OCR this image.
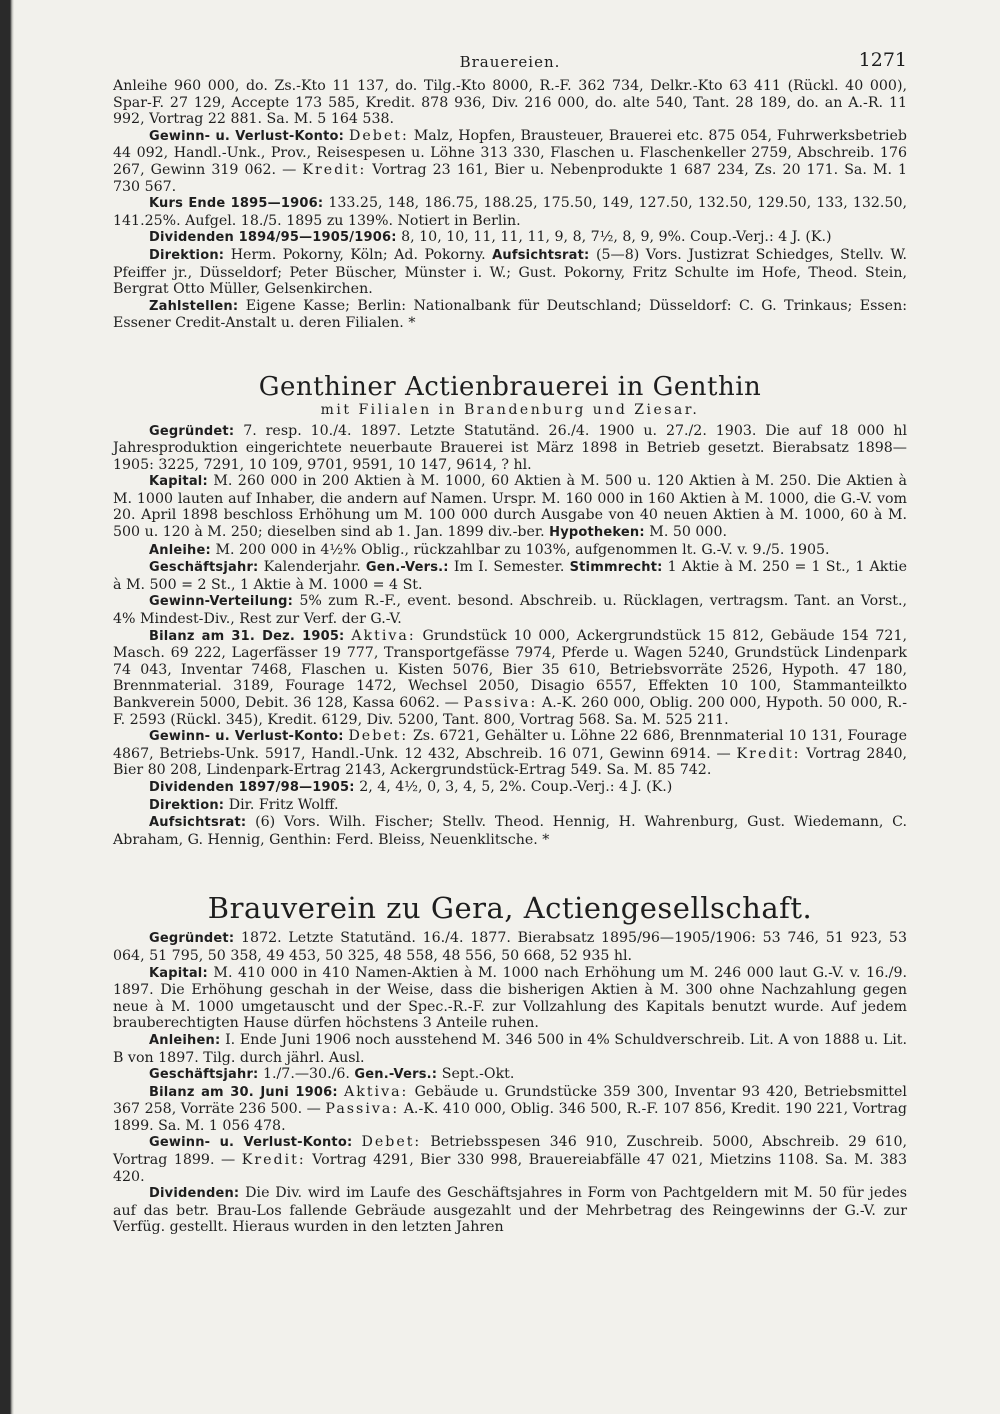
Brauereien.	1271

Anleihe 960 000, do. Zs.-Kto 11 137, do. Tilg.-Kto 8000, R.-F. 362 734, Delkr.-Kto 63 411 (Rückl. 40 000), Spar-F. 27 129, Accepte 173 585, Kredit. 878 936, Div. 216 000, do. alte 540, Tant. 28 189, do. an A.-R. 11 992, Vortrag 22 881. Sa. M. 5 164 538.

Gewinn- u. Verlust-Konto: Debet: Malz, Hopfen, Brausteuer, Brauerei etc. 875 054, Fuhrwerksbetrieb 44 092, Handl.-Unk., Prov., Reisespesen u. Löhne 313 330, Flaschen u. Flaschenkeller 2759, Abschreib. 176 267, Gewinn 319 062. — Kredit: Vortrag 23 161, Bier u. Nebenprodukte 1 687 234, Zs. 20 171. Sa. M. 1 730 567.

Kurs Ende 1895—1906: 133.25, 148, 186.75, 188.25, 175.50, 149, 127.50, 132.50, 129.50, 133, 132.50, 141.25%. Aufgel. 18./5. 1895 zu 139%. Notiert in Berlin.

Dividenden 1894/95—1905/1906: 8, 10, 10, 11, 11, 11, 9, 8, 7½, 8, 9, 9%. Coup.-Verj.: 4 J. (K.)

Direktion: Herm. Pokorny, Köln; Ad. Pokorny. Aufsichtsrat: (5—8) Vors. Justizrat Schiedges, Stellv. W. Pfeiffer jr., Düsseldorf; Peter Büscher, Münster i. W.; Gust. Pokorny, Fritz Schulte im Hofe, Theod. Stein, Bergrat Otto Müller, Gelsenkirchen.

Zahlstellen: Eigene Kasse; Berlin: Nationalbank für Deutschland; Düsseldorf: C. G. Trinkaus; Essen: Essener Credit-Anstalt u. deren Filialen. *

Genthiner Actienbrauerei in Genthin
mit Filialen in Brandenburg und Ziesar.

Gegründet: 7. resp. 10./4. 1897. Letzte Statutänd. 26./4. 1900 u. 27./2. 1903. Die auf 18 000 hl Jahresproduktion eingerichtete neuerbaute Brauerei ist März 1898 in Betrieb gesetzt. Bierabsatz 1898—1905: 3225, 7291, 10 109, 9701, 9591, 10 147, 9614, ? hl.

Kapital: M. 260 000 in 200 Aktien à M. 1000, 60 Aktien à M. 500 u. 120 Aktien à M. 250. Die Aktien à M. 1000 lauten auf Inhaber, die andern auf Namen. Urspr. M. 160 000 in 160 Aktien à M. 1000, die G.-V. vom 20. April 1898 beschloss Erhöhung um M. 100 000 durch Ausgabe von 40 neuen Aktien à M. 1000, 60 à M. 500 u. 120 à M. 250; dieselben sind ab 1. Jan. 1899 div.-ber. Hypotheken: M. 50 000.

Anleihe: M. 200 000 in 4½% Oblig., rückzahlbar zu 103%, aufgenommen lt. G.-V. v. 9./5. 1905.

Geschäftsjahr: Kalenderjahr. Gen.-Vers.: Im I. Semester. Stimmrecht: 1 Aktie à M. 250 = 1 St., 1 Aktie à M. 500 = 2 St., 1 Aktie à M. 1000 = 4 St.

Gewinn-Verteilung: 5% zum R.-F., event. besond. Abschreib. u. Rücklagen, vertragsm. Tant. an Vorst., 4% Mindest-Div., Rest zur Verf. der G.-V.

Bilanz am 31. Dez. 1905: Aktiva: Grundstück 10 000, Ackergrundstück 15 812, Gebäude 154 721, Masch. 69 222, Lagerfässer 19 777, Transportgefässe 7974, Pferde u. Wagen 5240, Grundstück Lindenpark 74 043, Inventar 7468, Flaschen u. Kisten 5076, Bier 35 610, Betriebsvorräte 2526, Hypoth. 47 180, Brennmaterial. 3189, Fourage 1472, Wechsel 2050, Disagio 6557, Effekten 10 100, Stammanteilkto Bankverein 5000, Debit. 36 128, Kassa 6062. — Passiva: A.-K. 260 000, Oblig. 200 000, Hypoth. 50 000, R.-F. 2593 (Rückl. 345), Kredit. 6129, Div. 5200, Tant. 800, Vortrag 568. Sa. M. 525 211.

Gewinn- u. Verlust-Konto: Debet: Zs. 6721, Gehälter u. Löhne 22 686, Brennmaterial 10 131, Fourage 4867, Betriebs-Unk. 5917, Handl.-Unk. 12 432, Abschreib. 16 071, Gewinn 6914. — Kredit: Vortrag 2840, Bier 80 208, Lindenpark-Ertrag 2143, Ackergrundstück-Ertrag 549. Sa. M. 85 742.

Dividenden 1897/98—1905: 2, 4, 4½, 0, 3, 4, 5, 2%. Coup.-Verj.: 4 J. (K.)

Direktion: Dir. Fritz Wolff.

Aufsichtsrat: (6) Vors. Wilh. Fischer; Stellv. Theod. Hennig, H. Wahrenburg, Gust. Wiedemann, C. Abraham, G. Hennig, Genthin: Ferd. Bleiss, Neuenklitsche. *

Brauverein zu Gera, Actiengesellschaft.

Gegründet: 1872. Letzte Statutänd. 16./4. 1877. Bierabsatz 1895/96—1905/1906: 53 746, 51 923, 53 064, 51 795, 50 358, 49 453, 50 325, 48 558, 48 556, 50 668, 52 935 hl.

Kapital: M. 410 000 in 410 Namen-Aktien à M. 1000 nach Erhöhung um M. 246 000 laut G.-V. v. 16./9. 1897. Die Erhöhung geschah in der Weise, dass die bisherigen Aktien à M. 300 ohne Nachzahlung gegen neue à M. 1000 umgetauscht und der Spec.-R.-F. zur Vollzahlung des Kapitals benutzt wurde. Auf jedem brauberechtigten Hause dürfen höchstens 3 Anteile ruhen.

Anleihen: I. Ende Juni 1906 noch ausstehend M. 346 500 in 4% Schuldverschreib. Lit. A von 1888 u. Lit. B von 1897. Tilg. durch jährl. Ausl.

Geschäftsjahr: 1./7.—30./6. Gen.-Vers.: Sept.-Okt.

Bilanz am 30. Juni 1906: Aktiva: Gebäude u. Grundstücke 359 300, Inventar 93 420, Betriebsmittel 367 258, Vorräte 236 500. — Passiva: A.-K. 410 000, Oblig. 346 500, R.-F. 107 856, Kredit. 190 221, Vortrag 1899. Sa. M. 1 056 478.

Gewinn- u. Verlust-Konto: Debet: Betriebsspesen 346 910, Zuschreib. 5000, Abschreib. 29 610, Vortrag 1899. — Kredit: Vortrag 4291, Bier 330 998, Brauereiabfälle 47 021, Mietzins 1108. Sa. M. 383 420.

Dividenden: Die Div. wird im Laufe des Geschäftsjahres in Form von Pachtgeldern mit M. 50 für jedes auf das betr. Brau-Los fallende Gebräude ausgezahlt und der Mehrbetrag des Reingewinns der G.-V. zur Verfüg. gestellt. Hieraus wurden in den letzten Jahren
